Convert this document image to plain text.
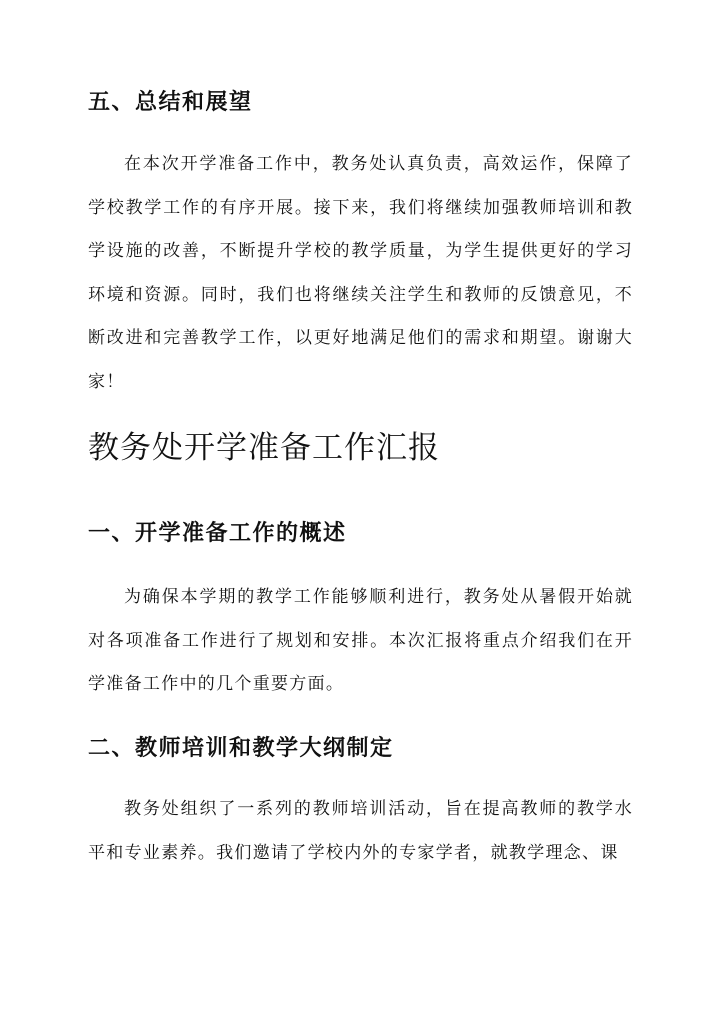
五、总结和展望

在本次开学准备工作中，教务处认真负责，高效运作，保障了学校教学工作的有序开展。接下来，我们将继续加强教师培训和教学设施的改善，不断提升学校的教学质量，为学生提供更好的学习环境和资源。同时，我们也将继续关注学生和教师的反馈意见，不断改进和完善教学工作，以更好地满足他们的需求和期望。谢谢大家！

教务处开学准备工作汇报
一、开学准备工作的概述

为确保本学期的教学工作能够顺利进行，教务处从暑假开始就对各项准备工作进行了规划和安排。本次汇报将重点介绍我们在开学准备工作中的几个重要方面。

二、教师培训和教学大纲制定

教务处组织了一系列的教师培训活动，旨在提高教师的教学水平和专业素养。我们邀请了学校内外的专家学者，就教学理念、课
